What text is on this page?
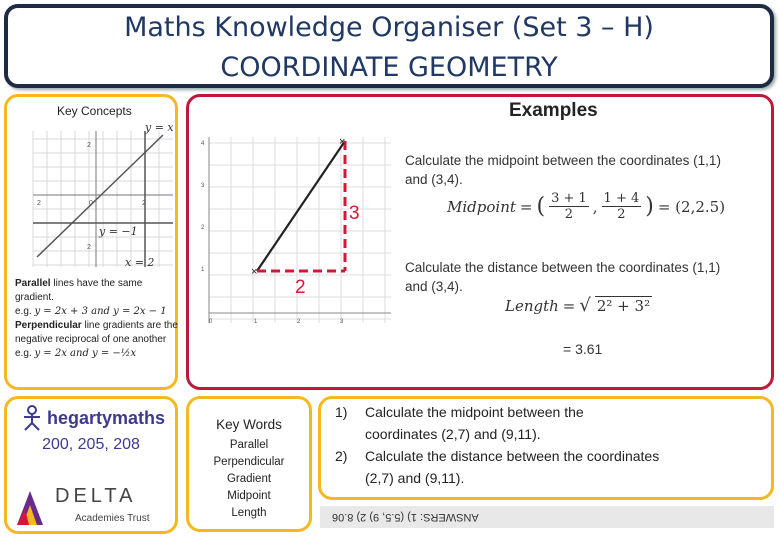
Maths Knowledge Organiser (Set 3 – H)
COORDINATE GEOMETRY
Key Concepts
y = x
y = −1
x = 2
2
2
2
0	2
Parallel lines have the same gradient.
e.g. y = 2x + 3 and y = 2x − 1
Perpendicular line gradients are the negative reciprocal of one another
e.g. y = 2x and y = −½x
Examples
4
3
2
1
0	1	2	3
×
×
3
2
Calculate the midpoint between the coordinates (1,1) and (3,4).
Midpoint = ( $\frac{3 + 1}{2}$ , $\frac{1 + 4}{2}$ ) = (2,2.5)
Calculate the distance between the coordinates (1,1) and (3,4).
Length = √ 2² + 3²
= 3.61
hegartymaths
200, 205, 208
DELTA
Academies Trust
Key Words
Parallel
Perpendicular
Gradient
Midpoint
Length
1) Calculate the midpoint between the
coordinates (2,7) and (9,11).
2) Calculate the distance between the coordinates
(2,7) and (9,11).
ANSWERS: 1) (5.5, 9) 2) 8.06
